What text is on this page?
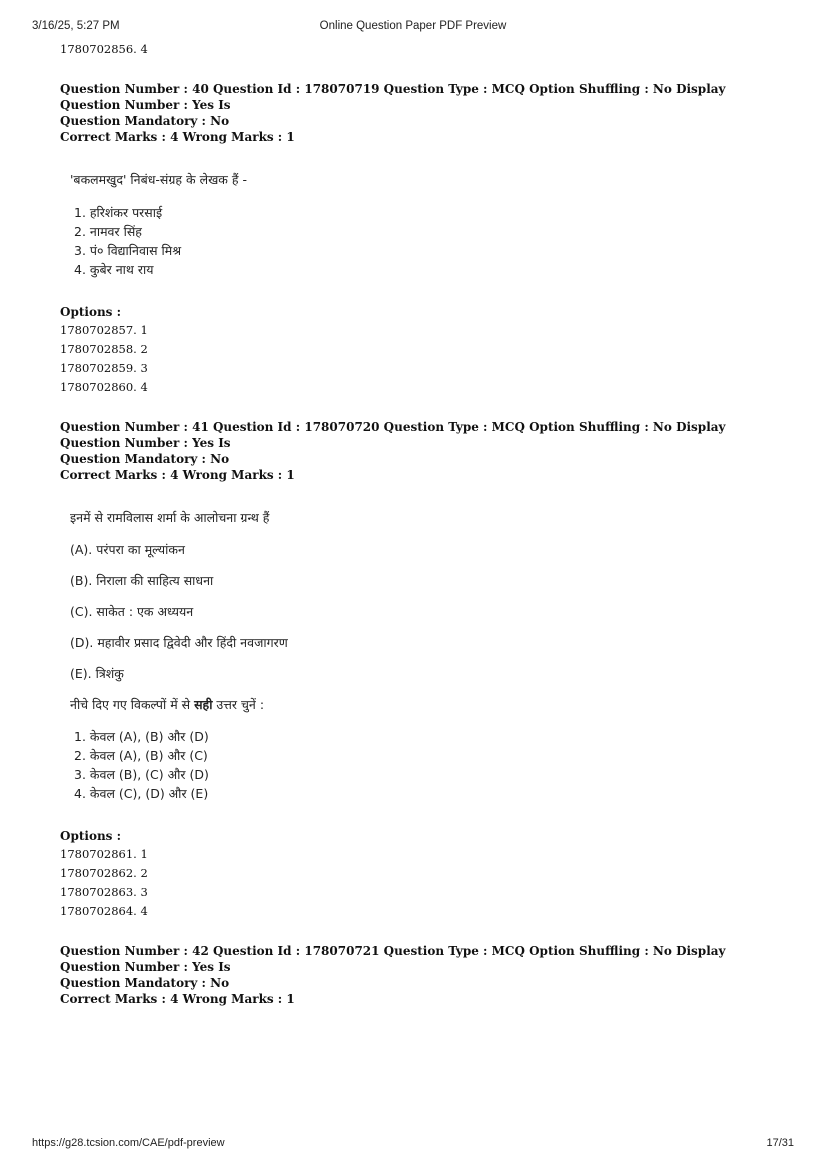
3/16/25, 5:27 PM	Online Question Paper PDF Preview
1780702856. 4
Question Number : 40 Question Id : 178070719 Question Type : MCQ Option Shuffling : No Display Question Number : Yes Is
Question Mandatory : No
Correct Marks : 4 Wrong Marks : 1
'बकलमखुद' निबंध-संग्रह के लेखक हैं -
1. हरिशंकर परसाई
2. नामवर सिंह
3. पं० विद्यानिवास मिश्र
4. कुबेर नाथ राय
Options :
1780702857. 1
1780702858. 2
1780702859. 3
1780702860. 4
Question Number : 41 Question Id : 178070720 Question Type : MCQ Option Shuffling : No Display Question Number : Yes Is
Question Mandatory : No
Correct Marks : 4 Wrong Marks : 1
इनमें से रामविलास शर्मा के आलोचना ग्रन्थ हैं
(A). परंपरा का मूल्यांकन
(B). निराला की साहित्य साधना
(C). साकेत : एक अध्ययन
(D). महावीर प्रसाद द्विवेदी और हिंदी नवजागरण
(E). त्रिशंकु
नीचे दिए गए विकल्पों में से सही उत्तर चुनें :
1. केवल (A), (B) और (D)
2. केवल (A), (B) और (C)
3. केवल (B), (C) और (D)
4. केवल (C), (D) और (E)
Options :
1780702861. 1
1780702862. 2
1780702863. 3
1780702864. 4
Question Number : 42 Question Id : 178070721 Question Type : MCQ Option Shuffling : No Display Question Number : Yes Is
Question Mandatory : No
Correct Marks : 4 Wrong Marks : 1
https://g28.tcsion.com/CAE/pdf-preview	17/31
